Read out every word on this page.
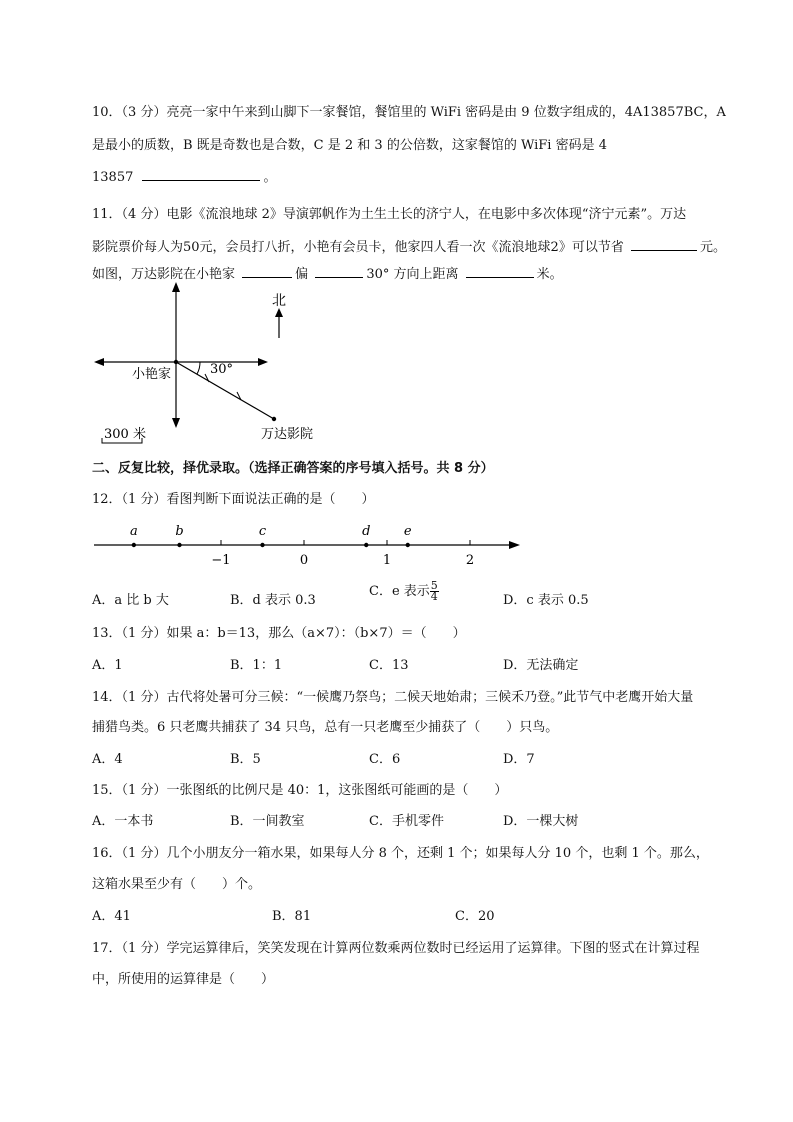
10．（3 分）亮亮一家中午来到山脚下一家餐馆，餐馆里的 WiFi 密码是由 9 位数字组成的，4A13857BC，A
是最小的质数，B 既是奇数也是合数，C 是 2 和 3 的公倍数，这家餐馆的 WiFi 密码是 4
13857	。
11．（4 分）电影《流浪地球 2》导演郭帆作为土生土长的济宁人，在电影中多次体现“济宁元素”。万达
影院票价每人为50元，会员打八折，小艳有会员卡，他家四人看一次《流浪地球2》可以节省	元。
如图，万达影院在小艳家	偏	30° 方向上距离	米。
北
30°
小艳家
万达影院
300 米
二、反复比较，择优录取。（选择正确答案的序号填入括号。共 8 分）
12．（1 分）看图判断下面说法正确的是（　　）
−1	0	1	2
a	b	c	d	e
A．a 比 b 大	B．d 表示 0.3
C．e 表示 $\frac{5}{4}$	D．c 表示 0.5
13．（1 分）如果 a：b＝13，那么（a×7）：（b×7）＝（　　）
A．1	B．1：1	C．13	D．无法确定
14．（1 分）古代将处暑可分三候：“一候鹰乃祭鸟；二候天地始肃；三候禾乃登。”此节气中老鹰开始大量
捕猎鸟类。6 只老鹰共捕获了 34 只鸟，总有一只老鹰至少捕获了（　　）只鸟。
A．4	B．5	C．6	D．7
15．（1 分）一张图纸的比例尺是 40：1，这张图纸可能画的是（　　）
A．一本书	B．一间教室	C．手机零件	D．一棵大树
16．（1 分）几个小朋友分一箱水果，如果每人分 8 个，还剩 1 个；如果每人分 10 个，也剩 1 个。那么，
这箱水果至少有（　　）个。
A．41	B．81	C．20
17．（1 分）学完运算律后，笑笑发现在计算两位数乘两位数时已经运用了运算律。下图的竖式在计算过程
中，所使用的运算律是（　　）
